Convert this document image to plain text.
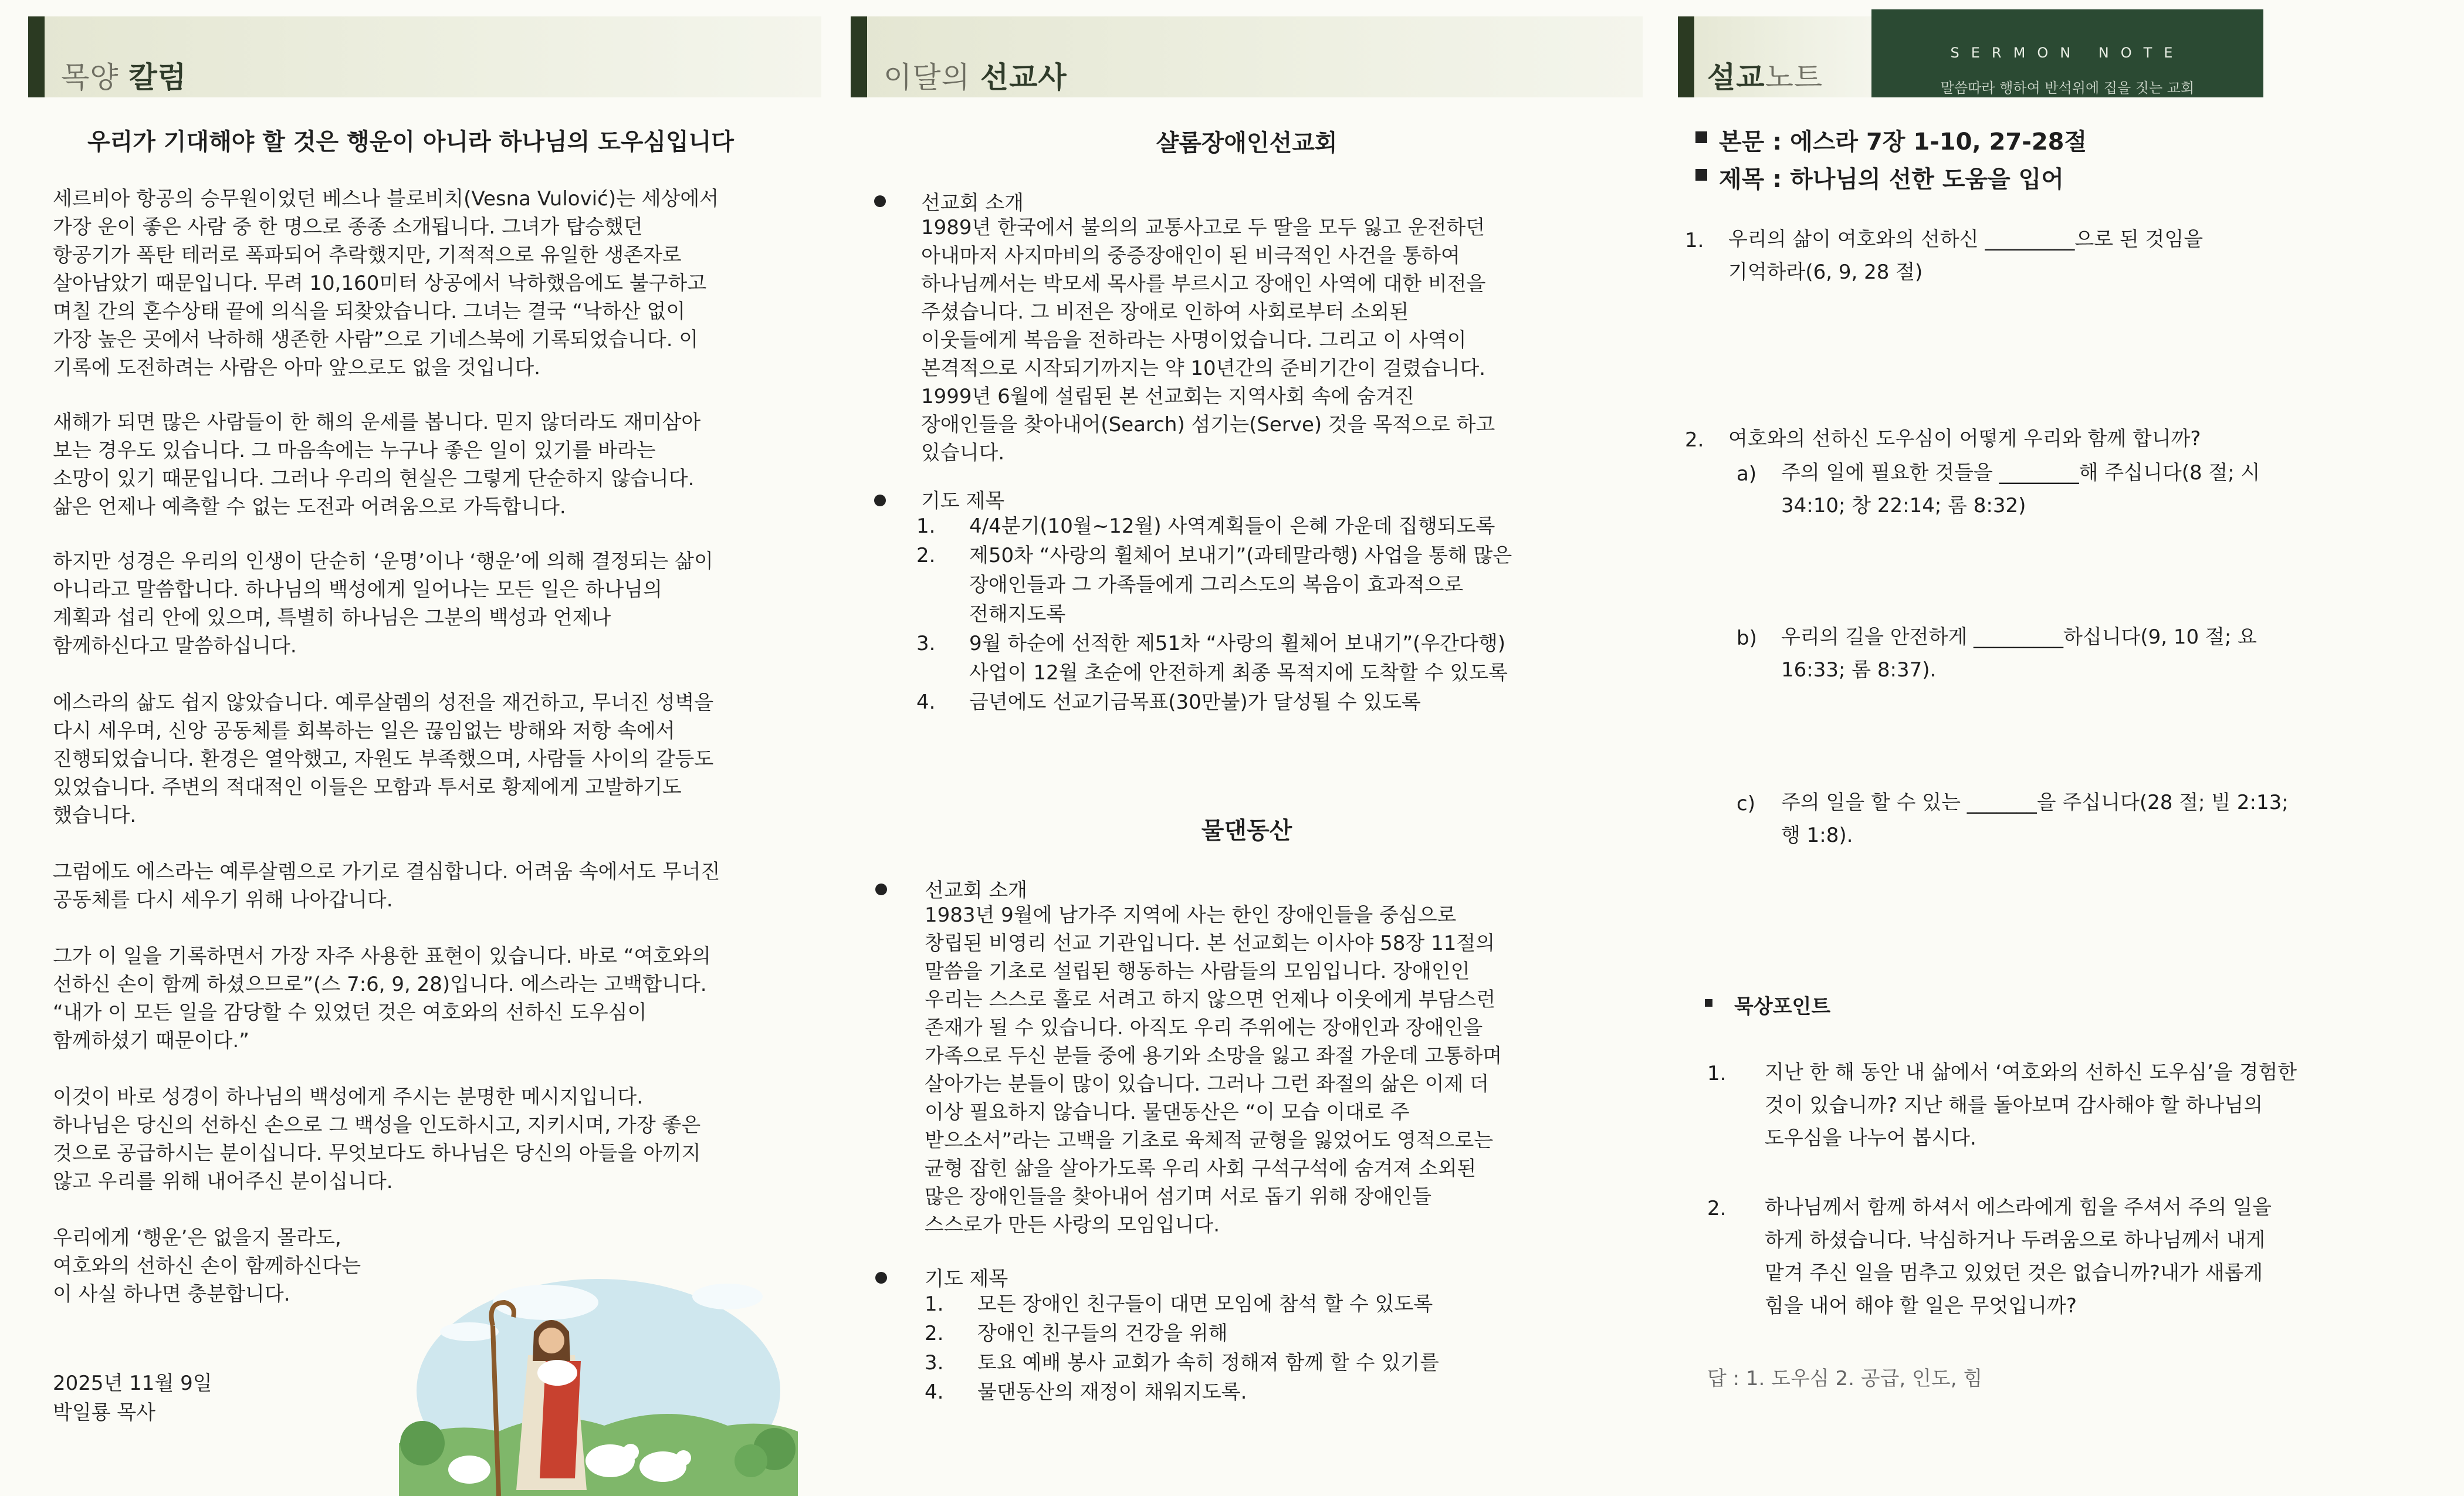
목양 칼럼
우리가 기대해야 할 것은 행운이 아니라 하나님의 도우심입니다
세르비아 항공의 승무원이었던 베스나 블로비치(Vesna Vulović)는 세상에서
가장 운이 좋은 사람 중 한 명으로 종종 소개됩니다. 그녀가 탑승했던
항공기가 폭탄 테러로 폭파되어 추락했지만, 기적적으로 유일한 생존자로
살아남았기 때문입니다. 무려 10,160미터 상공에서 낙하했음에도 불구하고
며칠 간의 혼수상태 끝에 의식을 되찾았습니다. 그녀는 결국 “낙하산 없이
가장 높은 곳에서 낙하해 생존한 사람”으로 기네스북에 기록되었습니다. 이
기록에 도전하려는 사람은 아마 앞으로도 없을 것입니다.
새해가 되면 많은 사람들이 한 해의 운세를 봅니다. 믿지 않더라도 재미삼아
보는 경우도 있습니다. 그 마음속에는 누구나 좋은 일이 있기를 바라는
소망이 있기 때문입니다. 그러나 우리의 현실은 그렇게 단순하지 않습니다.
삶은 언제나 예측할 수 없는 도전과 어려움으로 가득합니다.
하지만 성경은 우리의 인생이 단순히 ‘운명’이나 ‘행운’에 의해 결정되는 삶이
아니라고 말씀합니다. 하나님의 백성에게 일어나는 모든 일은 하나님의
계획과 섭리 안에 있으며, 특별히 하나님은 그분의 백성과 언제나
함께하신다고 말씀하십니다.
에스라의 삶도 쉽지 않았습니다. 예루살렘의 성전을 재건하고, 무너진 성벽을
다시 세우며, 신앙 공동체를 회복하는 일은 끊임없는 방해와 저항 속에서
진행되었습니다. 환경은 열악했고, 자원도 부족했으며, 사람들 사이의 갈등도
있었습니다. 주변의 적대적인 이들은 모함과 투서로 황제에게 고발하기도
했습니다.
그럼에도 에스라는 예루살렘으로 가기로 결심합니다. 어려움 속에서도 무너진
공동체를 다시 세우기 위해 나아갑니다.
그가 이 일을 기록하면서 가장 자주 사용한 표현이 있습니다. 바로 “여호와의
선하신 손이 함께 하셨으므로”(스 7:6, 9, 28)입니다. 에스라는 고백합니다.
“내가 이 모든 일을 감당할 수 있었던 것은 여호와의 선하신 도우심이
함께하셨기 때문이다.”
이것이 바로 성경이 하나님의 백성에게 주시는 분명한 메시지입니다.
하나님은 당신의 선하신 손으로 그 백성을 인도하시고, 지키시며, 가장 좋은
것으로 공급하시는 분이십니다. 무엇보다도 하나님은 당신의 아들을 아끼지
않고 우리를 위해 내어주신 분이십니다.
우리에게 ‘행운’은 없을지 몰라도,
여호와의 선하신 손이 함께하신다는
이 사실 하나면 충분합니다.
2025년 11월 9일
박일룡 목사
이달의 선교사
샬롬장애인선교회
선교회 소개
1989년 한국에서 불의의 교통사고로 두 딸을 모두 잃고 운전하던
아내마저 사지마비의 중증장애인이 된 비극적인 사건을 통하여
하나님께서는 박모세 목사를 부르시고 장애인 사역에 대한 비전을
주셨습니다. 그 비전은 장애로 인하여 사회로부터 소외된
이웃들에게 복음을 전하라는 사명이었습니다. 그리고 이 사역이
본격적으로 시작되기까지는 약 10년간의 준비기간이 걸렸습니다.
1999년 6월에 설립된 본 선교회는 지역사회 속에 숨겨진
장애인들을 찾아내어(Search) 섬기는(Serve) 것을 목적으로 하고
있습니다.
기도 제목
1. 4/4분기(10월~12월) 사역계획들이 은혜 가운데 집행되도록
2. 제50차 “사랑의 휠체어 보내기”(과테말라행) 사업을 통해 많은
장애인들과 그 가족들에게 그리스도의 복음이 효과적으로
전해지도록
3. 9월 하순에 선적한 제51차 “사랑의 휠체어 보내기”(우간다행)
사업이 12월 초순에 안전하게 최종 목적지에 도착할 수 있도록
4. 금년에도 선교기금목표(30만불)가 달성될 수 있도록
물댄동산
선교회 소개
1983년 9월에 남가주 지역에 사는 한인 장애인들을 중심으로
창립된 비영리 선교 기관입니다. 본 선교회는 이사야 58장 11절의
말씀을 기초로 설립된 행동하는 사람들의 모임입니다. 장애인인
우리는 스스로 홀로 서려고 하지 않으면 언제나 이웃에게 부담스런
존재가 될 수 있습니다. 아직도 우리 주위에는 장애인과 장애인을
가족으로 두신 분들 중에 용기와 소망을 잃고 좌절 가운데 고통하며
살아가는 분들이 많이 있습니다. 그러나 그런 좌절의 삶은 이제 더
이상 필요하지 않습니다. 물댄동산은 “이 모습 이대로 주
받으소서”라는 고백을 기초로 육체적 균형을 잃었어도 영적으로는
균형 잡힌 삶을 살아가도록 우리 사회 구석구석에 숨겨져 소외된
많은 장애인들을 찾아내어 섬기며 서로 돕기 위해 장애인들
스스로가 만든 사랑의 모임입니다.
기도 제목
1. 모든 장애인 친구들이 대면 모임에 참석 할 수 있도록
2. 장애인 친구들의 건강을 위해
3. 토요 예배 봉사 교회가 속히 정해져 함께 할 수 있기를
4. 물댄동산의 재정이 채워지도록.
설교노트
SERMON NOTE
말씀따라 행하여 반석위에 집을 짓는 교회
본문 : 에스라 7장 1-10, 27-28절
제목 : 하나님의 선한 도움을 입어
1. 우리의 삶이 여호와의 선하신 _________으로 된 것임을
기억하라(6, 9, 28 절)
2. 여호와의 선하신 도우심이 어떻게 우리와 함께 합니까?
a) 주의 일에 필요한 것들을 ________해 주십니다(8 절; 시
34:10; 창 22:14; 롬 8:32)
b) 우리의 길을 안전하게 _________하십니다(9, 10 절; 요
16:33; 롬 8:37).
c) 주의 일을 할 수 있는 _______을 주십니다(28 절; 빌 2:13;
행 1:8).
묵상포인트
1. 지난 한 해 동안 내 삶에서 ‘여호와의 선하신 도우심’을 경험한
것이 있습니까? 지난 해를 돌아보며 감사해야 할 하나님의
도우심을 나누어 봅시다.
2. 하나님께서 함께 하셔서 에스라에게 힘을 주셔서 주의 일을
하게 하셨습니다. 낙심하거나 두려움으로 하나님께서 내게
맡겨 주신 일을 멈추고 있었던 것은 없습니까?내가 새롭게
힘을 내어 해야 할 일은 무엇입니까?
답 : 1. 도우심 2. 공급, 인도, 힘
